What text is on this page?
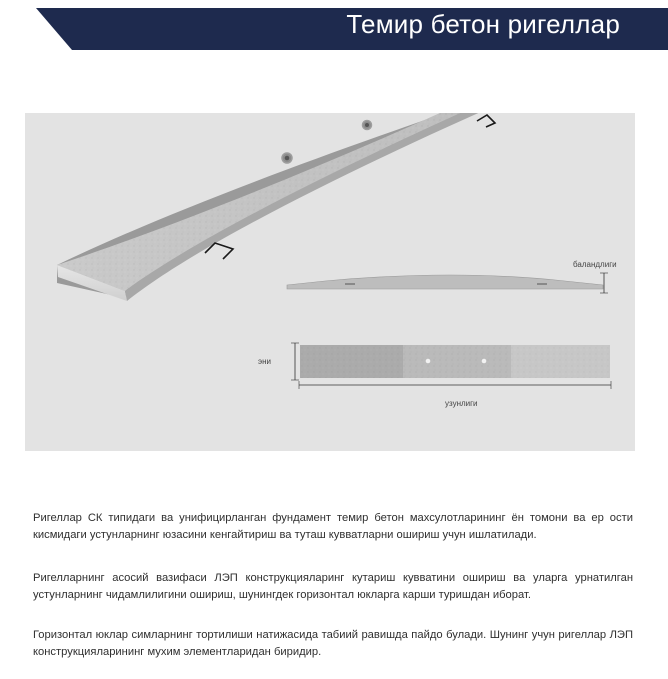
Темир бетон ригеллар
баландлиги
эни
узунлиги

Ригеллар СК типидаги ва унифицирланган фундамент темир бетон махсулотларининг ён томони ва ер ости кисмидаги устунларнинг юзасини кенгайтириш ва туташ кувватларни ошириш учун ишлатилади.

Ригелларнинг асосий вазифаси ЛЭП конструкцияларинг кутариш кувватини ошириш ва уларга урнатилган устунларнинг чидамлилигини ошириш, шунингдек горизонтал юкларга карши туришдан иборат.

Горизонтал юклар симларнинг тортилиши натижасида табиий равишда пайдо булади. Шунинг учун ригеллар ЛЭП конструкцияларининг мухим элементларидан биридир.
